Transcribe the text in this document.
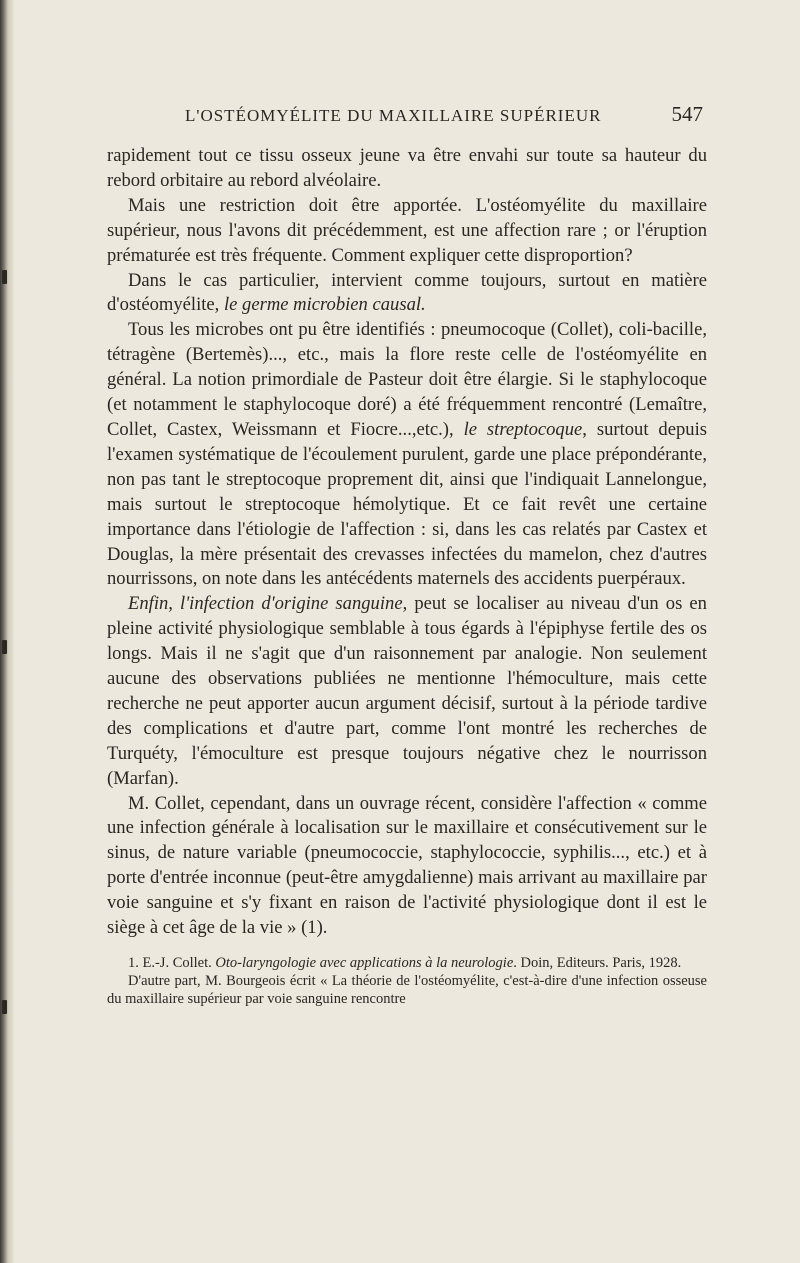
L'OSTÉOMYÉLITE DU MAXILLAIRE SUPÉRIEUR	547

rapidement tout ce tissu osseux jeune va être envahi sur toute sa hauteur du rebord orbitaire au rebord alvéolaire.

Mais une restriction doit être apportée. L'ostéomyélite du maxillaire supérieur, nous l'avons dit précédemment, est une affection rare ; or l'éruption prématurée est très fréquente. Comment expliquer cette disproportion?

Dans le cas particulier, intervient comme toujours, surtout en matière d'ostéomyélite, le germe microbien causal.

Tous les microbes ont pu être identifiés : pneumocoque (Collet), coli-bacille, tétragène (Bertemès)..., etc., mais la flore reste celle de l'ostéomyélite en général. La notion primordiale de Pasteur doit être élargie. Si le staphylocoque (et notamment le staphylocoque doré) a été fréquemment rencontré (Lemaître, Collet, Castex, Weissmann et Fiocre...,etc.), le streptocoque, surtout depuis l'examen systématique de l'écoulement purulent, garde une place prépondérante, non pas tant le streptocoque proprement dit, ainsi que l'indiquait Lannelongue, mais surtout le streptocoque hémolytique. Et ce fait revêt une certaine importance dans l'étiologie de l'affection : si, dans les cas relatés par Castex et Douglas, la mère présentait des crevasses infectées du mamelon, chez d'autres nourrissons, on note dans les antécédents maternels des accidents puerpéraux.

Enfin, l'infection d'origine sanguine, peut se localiser au niveau d'un os en pleine activité physiologique semblable à tous égards à l'épiphyse fertile des os longs. Mais il ne s'agit que d'un raisonnement par analogie. Non seulement aucune des observations publiées ne mentionne l'hémoculture, mais cette recherche ne peut apporter aucun argument décisif, surtout à la période tardive des complications et d'autre part, comme l'ont montré les recherches de Turquéty, l'émoculture est presque toujours négative chez le nourrisson (Marfan).

M. Collet, cependant, dans un ouvrage récent, considère l'affection « comme une infection générale à localisation sur le maxillaire et consécutivement sur le sinus, de nature variable (pneumococcie, staphylococcie, syphilis..., etc.) et à porte d'entrée inconnue (peut-être amygdalienne) mais arrivant au maxillaire par voie sanguine et s'y fixant en raison de l'activité physiologique dont il est le siège à cet âge de la vie » (1).

1. E.-J. Collet. Oto-laryngologie avec applications à la neurologie. Doin, Editeurs. Paris, 1928.

D'autre part, M. Bourgeois écrit « La théorie de l'ostéomyélite, c'est-à-dire d'une infection osseuse du maxillaire supérieur par voie sanguine rencontre
